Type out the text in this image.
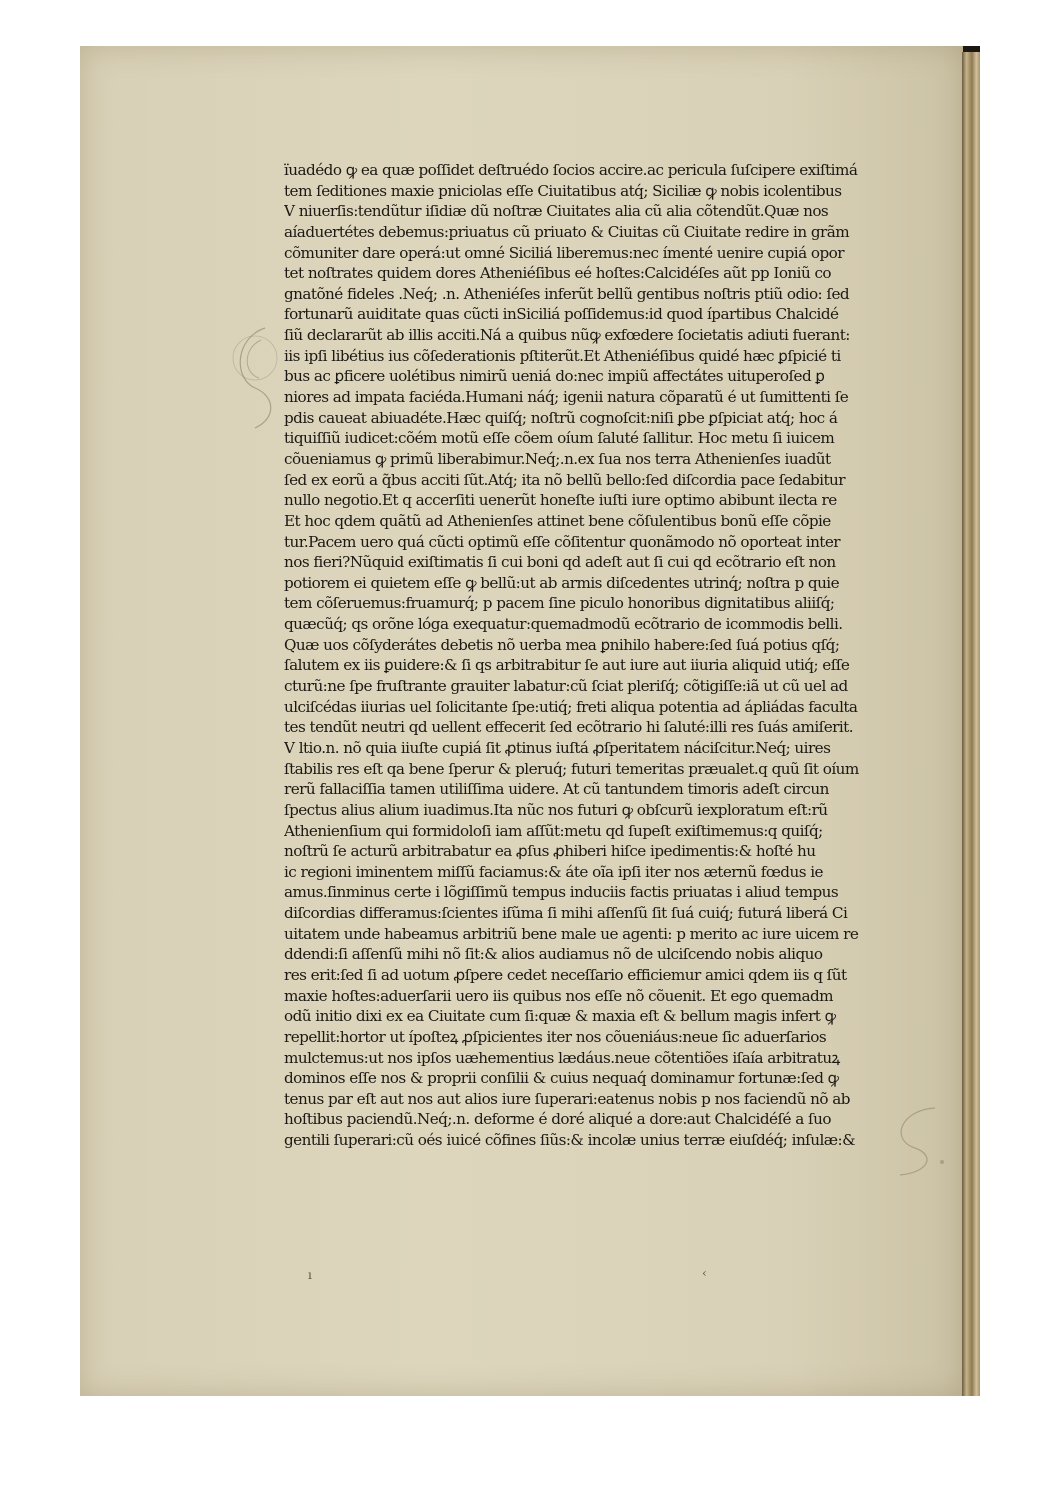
ïuadédo ꝙ ea quæ poſſidet deſtruédo ſocios accire.ac pericula ſuſcipere exiſtimá
tem ſeditiones maxie pniciolas eſſe Ciuitatibus atq́; Siciliæ ꝙ nobis icolentibus
V niuerſis:tendũtur iſidiæ dũ noſtræ Ciuitates alia cũ alia cõtendũt.Quæ nos
aíaduertétes debemus:priuatus cũ priuato & Ciuitas cũ Ciuitate redire in grãm
cõmuniter dare operá:ut omné Siciliá liberemus:nec ímenté uenire cupiá opor
tet noſtrates quidem dores Atheniéſibus eé hoſtes:Calcidéſes aũt pp Ioniũ co
gnatõné fideles .Neq́; .n. Atheniéſes inferũt bellũ gentibus noſtris ptiũ odio: ſed
fortunarũ auiditate quas cũcti inSiciliá poſſidemus:id quod ípartibus Chalcidé
ſiũ declararũt ab illis acciti.Ná a quibus nũꝙ exfœdere ſocietatis adiuti fuerant:
iis ipſi libétius ius cõſederationis pſtiterũt.Et Atheniéſibus quidé hæc ꝑſpicié ti
bus ac ꝑficere uolétibus nimirũ ueniá do:nec impiũ affectátes uituperoſed ꝑ
niores ad impata faciéda.Humani náq́; igenii natura cõparatũ é ut ſumittenti ſe
pdis caueat abiuadéte.Hæc quiſq́; noſtrũ cognoſcit:niſi ꝑbe ꝑſpiciat atq́; hoc á
tiquiſſiũ iudicet:cõém motũ eſſe cõem oíum ſaluté ſallitur. Hoc metu ſi iuicem
cõueniamus ꝙ primũ liberabimur.Neq́;.n.ex ſua nos terra Athenienſes iuadũt
ſed ex eorũ a q̃bus acciti ſũt.Atq́; ita nõ bellũ bello:ſed diſcordia pace ſedabitur
nullo negotio.Et q accerſiti uenerũt honeſte iuſti iure optimo abibunt ilecta re
Et hoc qdem quãtũ ad Athenienſes attinet bene cõſulentibus bonũ eſſe cõpie
tur.Pacem uero quá cũcti optimũ eſſe cõſitentur quonãmodo nõ oporteat inter
nos fieri?Nũquid exiſtimatis ſi cui boni qd adeſt aut ſi cui qd ecõtrario eſt non
potiorem ei quietem eſſe ꝙ bellũ:ut ab armis diſcedentes utrinq́; noſtra p quie
tem cõſeruemus:fruamurq́; p pacem ſine piculo honoribus dignitatibus aliiſq́;
quæcũq́; qs orõne lóga exequatur:quemadmodũ ecõtrario de icommodis belli.
Quæ uos cõſyderátes debetis nõ uerba mea ꝑnihilo habere:ſed ſuá potius qſq́;
ſalutem ex iis ꝑuidere:& ſi qs arbitrabitur ſe aut iure aut iiuria aliquid utiq́; eſſe
cturũ:ne ſpe fruſtrante grauiter labatur:cũ ſciat pleriſq́; cõtigiſſe:iã ut cũ uel ad
ulciſcédas iiurias uel ſolicitante ſpe:utiq́; freti aliqua potentia ad ápliádas faculta
tes tendũt neutri qd uellent effecerit ſed ecõtrario hi ſaluté:illi res ſuás amiſerit.
V ltio.n. nõ quia iiuſte cupiá ſit ꝓtinus iuſtá ꝓſperitatem náciſcitur.Neq́; uires
ſtabilis res eſt qa bene ſperur & pleruq́; futuri temeritas præualet.q quũ ſit oíum
rerũ fallaciſſia tamen utiliſſima uidere. At cũ tantundem timoris adeſt circun
ſpectus alius alium iuadimus.Ita nũc nos futuri ꝙ obſcurũ iexploratum eſt:rũ
Athenienſium qui formidoloſi iam aſſũt:metu qd ſupeſt exiſtimemus:q quiſq́;
noſtrũ ſe acturũ arbitrabatur ea ꝓſus ꝓhiberi hiſce ipedimentis:& hoſté hu
ic regioni iminentem miſſũ faciamus:& áte oĩa ipſi iter nos æternũ fœdus ie
amus.ſinminus certe i lõgiſſimũ tempus induciis factis priuatas i aliud tempus
diſcordias differamus:ſcientes iſũma ſi mihi aſſenſũ ſit ſuá cuiq́; futurá liberá Ci
uitatem unde habeamus arbitriũ bene male ue agenti: p merito ac iure uicem re
ddendi:ſi aſſenſũ mihi nõ ſit:& alios audiamus nõ de ulciſcendo nobis aliquo
res erit:ſed ſi ad uotum ꝓſpere cedet neceſſario efficiemur amici qdem iis q ſũt
maxie hoſtes:aduerſarii uero iis quibus nos eſſe nõ cõuenit. Et ego quemadm
odũ initio dixi ex ea Ciuitate cum ſi:quæ & maxia eſt & bellum magis infert ꝙ
repellit:hortor ut ípoſteꝝ ꝓſpicientes iter nos cõueniáus:neue ſic aduerſarios
mulctemus:ut nos ipſos uæhementius lædáus.neue cõtentiões iſaía arbitratuꝝ
dominos eſſe nos & proprii conſilii & cuius nequaq́ dominamur fortunæ:ſed ꝙ
tenus par eſt aut nos aut alios iure ſuperari:eatenus nobis p nos faciendũ nõ ab
hoſtibus paciendũ.Neq́;.n. deforme é doré aliqué a dore:aut Chalcidéſé a ſuo
gentili ſuperari:cũ oés iuicé cõfines ſiũs:& incolæ unius terræ eiuſdéq́; inſulæ:&
ı	‹
